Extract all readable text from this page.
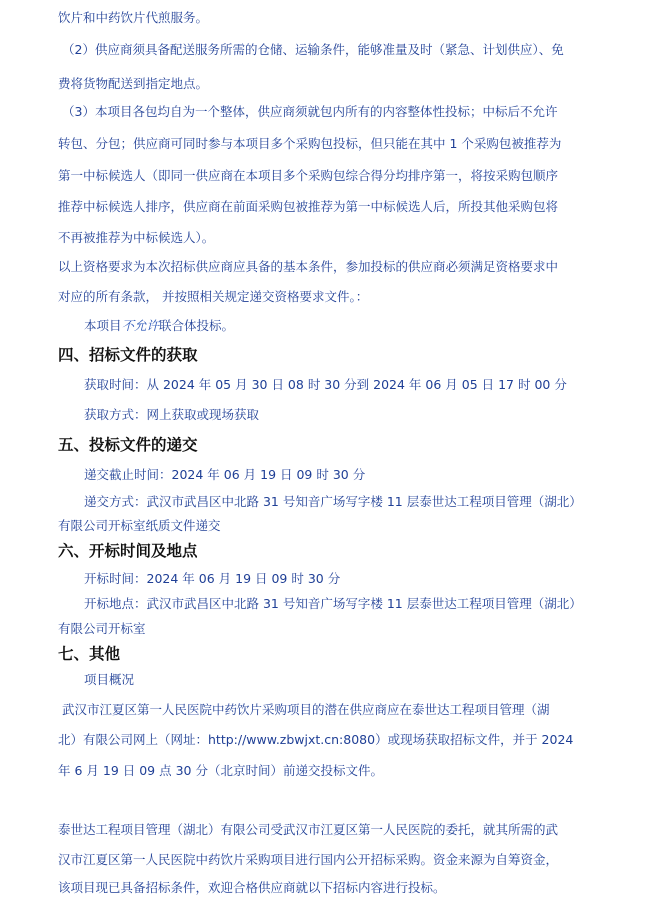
饮片和中药饮片代煎服务。
（2）供应商须具备配送服务所需的仓储、运输条件，能够准量及时（紧急、计划供应）、免
费将货物配送到指定地点。
（3）本项目各包均自为一个整体，供应商须就包内所有的内容整体性投标；中标后不允许
转包、分包；供应商可同时参与本项目多个采购包投标，但只能在其中 1 个采购包被推荐为
第一中标候选人（即同一供应商在本项目多个采购包综合得分均排序第一，将按采购包顺序
推荐中标候选人排序，供应商在前面采购包被推荐为第一中标候选人后，所投其他采购包将
不再被推荐为中标候选人）。
以上资格要求为本次招标供应商应具备的基本条件，参加投标的供应商必须满足资格要求中
对应的所有条款， 并按照相关规定递交资格要求文件。：
本项目不允许联合体投标。
四、招标文件的获取
获取时间：从 2024 年 05 月 30 日 08 时 30 分到 2024 年 06 月 05 日 17 时 00 分
获取方式：网上获取或现场获取
五、投标文件的递交
递交截止时间：2024 年 06 月 19 日 09 时 30 分
递交方式：武汉市武昌区中北路 31 号知音广场写字楼 11 层泰世达工程项目管理（湖北）
有限公司开标室纸质文件递交
六、开标时间及地点
开标时间：2024 年 06 月 19 日 09 时 30 分
开标地点：武汉市武昌区中北路 31 号知音广场写字楼 11 层泰世达工程项目管理（湖北）
有限公司开标室
七、其他
项目概况
武汉市江夏区第一人民医院中药饮片采购项目的潜在供应商应在泰世达工程项目管理（湖
北）有限公司网上（网址：http://www.zbwjxt.cn:8080）或现场获取招标文件，并于 2024
年 6 月 19 日 09 点 30 分（北京时间）前递交投标文件。
泰世达工程项目管理（湖北）有限公司受武汉市江夏区第一人民医院的委托，就其所需的武
汉市江夏区第一人民医院中药饮片采购项目进行国内公开招标采购。资金来源为自筹资金，
该项目现已具备招标条件，欢迎合格供应商就以下招标内容进行投标。
